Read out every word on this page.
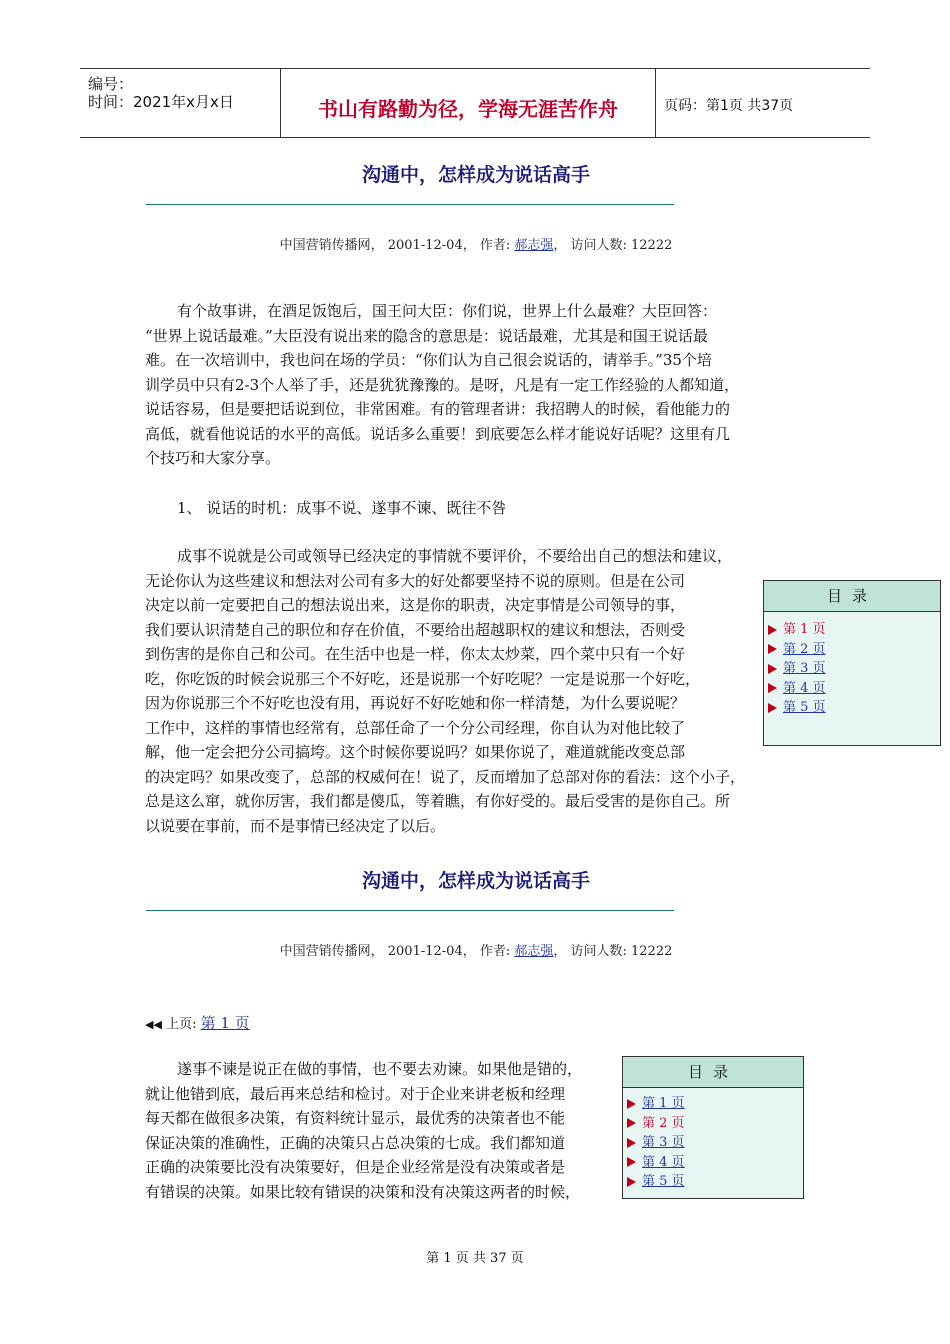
编号：
时间：2021年x月x日	书山有路勤为径，学海无涯苦作舟	页码：第1页 共37页
沟通中，怎样成为说话高手
中国营销传播网， 2001-12-04， 作者: 郝志强， 访问人数: 12222

有个故事讲，在酒足饭饱后，国王问大臣：你们说，世界上什么最难？大臣回答：

“世界上说话最难。”大臣没有说出来的隐含的意思是：说话最难，尤其是和国王说话最

难。在一次培训中，我也问在场的学员：“你们认为自己很会说话的，请举手。”35个培

训学员中只有2-3个人举了手，还是犹犹豫豫的。是呀，凡是有一定工作经验的人都知道，

说话容易，但是要把话说到位，非常困难。有的管理者讲：我招聘人的时候，看他能力的

高低，就看他说话的水平的高低。说话多么重要！到底要怎么样才能说好话呢？这里有几

个技巧和大家分享。

1、 说话的时机：成事不说、遂事不谏、既往不咎

成事不说就是公司或领导已经决定的事情就不要评价，不要给出自己的想法和建议，

无论你认为这些建议和想法对公司有多大的好处都要坚持不说的原则。但是在公司

决定以前一定要把自己的想法说出来，这是你的职责，决定事情是公司领导的事，

我们要认识清楚自己的职位和存在价值，不要给出超越职权的建议和想法，否则受

到伤害的是你自己和公司。在生活中也是一样，你太太炒菜，四个菜中只有一个好

吃，你吃饭的时候会说那三个不好吃，还是说那一个好吃呢？一定是说那一个好吃，

因为你说那三个不好吃也没有用，再说好不好吃她和你一样清楚，为什么要说呢？

工作中，这样的事情也经常有，总部任命了一个分公司经理，你自认为对他比较了

解，他一定会把分公司搞垮。这个时候你要说吗？如果你说了，难道就能改变总部

的决定吗？如果改变了，总部的权威何在！说了，反而增加了总部对你的看法：这个小子，

总是这么窜，就你厉害，我们都是傻瓜，等着瞧，有你好受的。最后受害的是你自己。所

以说要在事前，而不是事情已经决定了以后。

目录
第 1 页
第 2 页
第 3 页
第 4 页
第 5 页
沟通中，怎样成为说话高手
中国营销传播网， 2001-12-04， 作者: 郝志强， 访问人数: 12222
◀◀ 上页: 第 1 页

遂事不谏是说正在做的事情，也不要去劝谏。如果他是错的，

就让他错到底，最后再来总结和检讨。对于企业来讲老板和经理

每天都在做很多决策，有资料统计显示，最优秀的决策者也不能

保证决策的准确性，正确的决策只占总决策的七成。我们都知道

正确的决策要比没有决策要好，但是企业经常是没有决策或者是

有错误的决策。如果比较有错误的决策和没有决策这两者的时候，

目录
第 1 页
第 2 页
第 3 页
第 4 页
第 5 页
第 1 页 共 37 页
